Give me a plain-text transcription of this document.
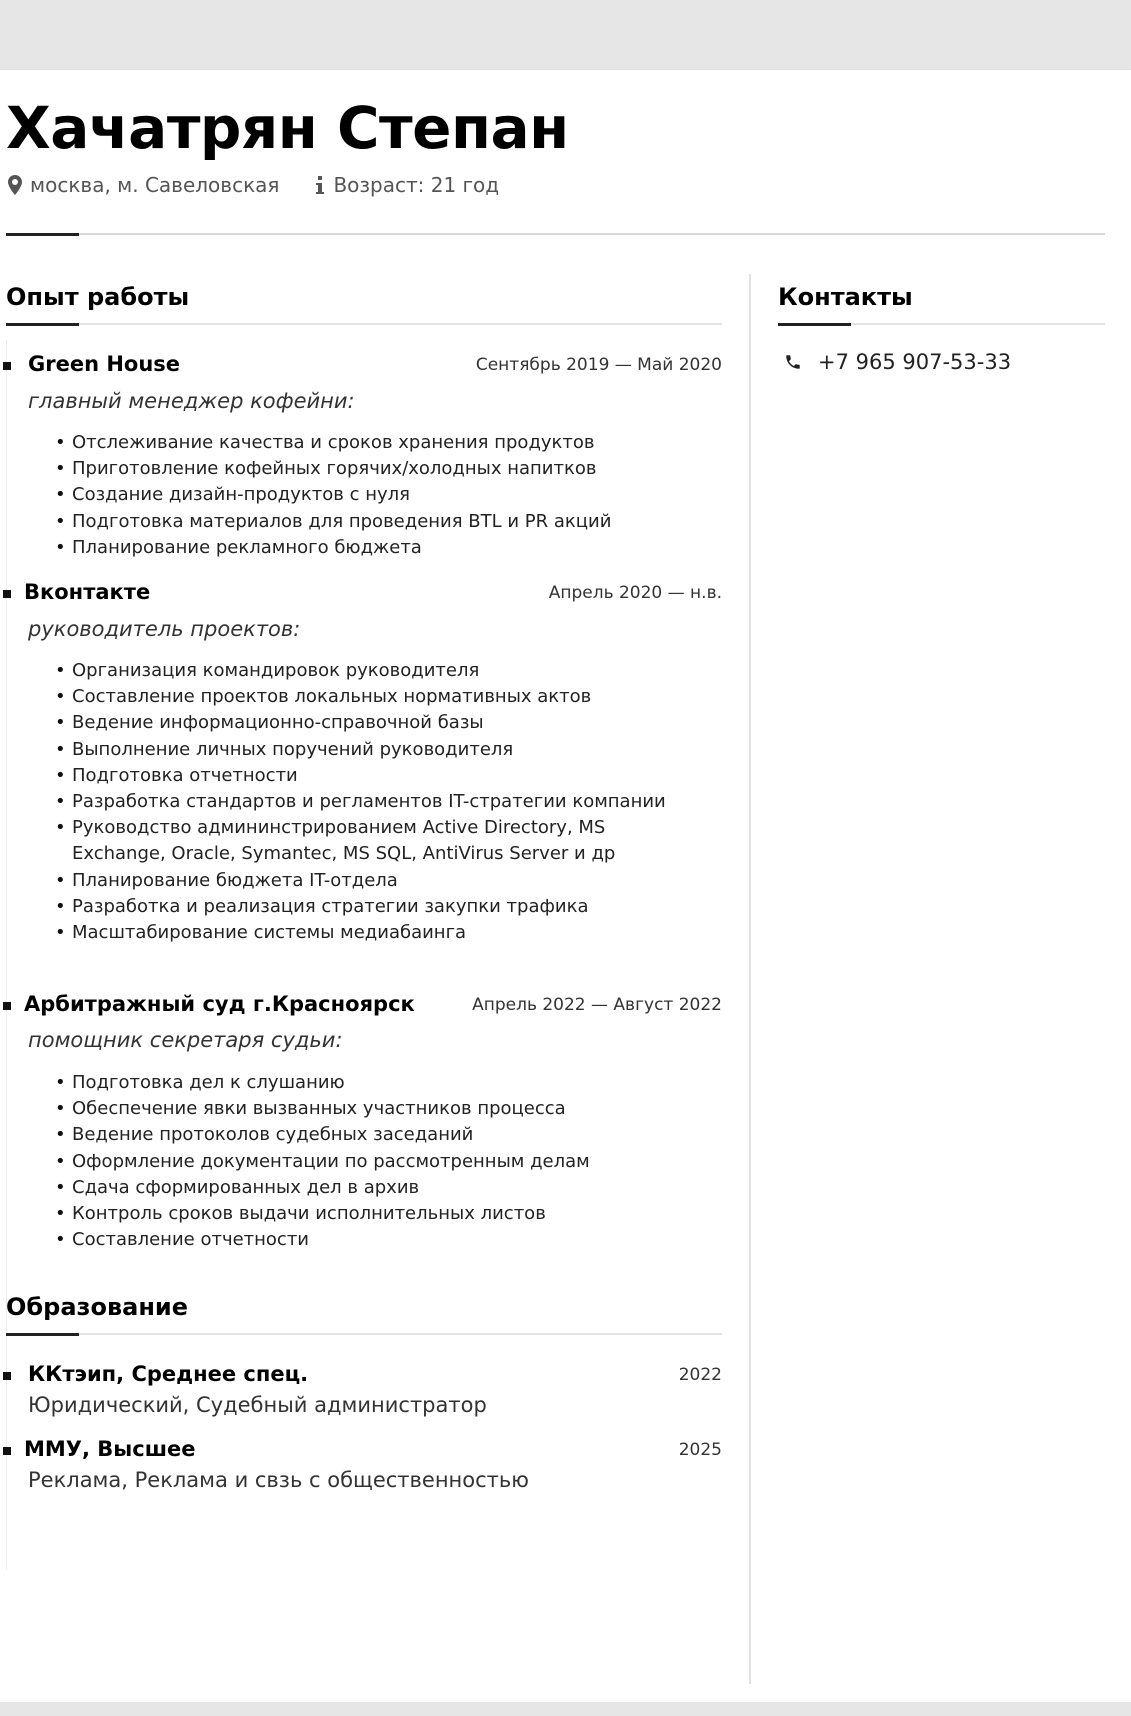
Хачатрян Степан
москва, м. Савеловская	Возраст: 21 год
Опыт работы
Green House	Сентябрь 2019 — Май 2020
главный менеджер кофейни:
• Отслеживание качества и сроков хранения продуктов
• Приготовление кофейных горячих/холодных напитков
• Создание дизайн-продуктов с нуля
• Подготовка материалов для проведения BTL и PR акций
• Планирование рекламного бюджета
Вконтакте	Апрель 2020 — н.в.
руководитель проектов:
• Организация командировок руководителя
• Составление проектов локальных нормативных актов
• Ведение информационно-справочной базы
• Выполнение личных поручений руководителя
• Подготовка отчетности
• Разработка стандартов и регламентов IT-стратегии компании
• Руководство админинстрированием Active Directory, MS Exchange, Oracle, Symantec, MS SQL, AntiVirus Server и др
• Планирование бюджета IT-отдела
• Разработка и реализация стратегии закупки трафика
• Масштабирование системы медиабаинга
Арбитражный суд г.Красноярск	Апрель 2022 — Август 2022
помощник секретаря судьи:
• Подготовка дел к слушанию
• Обеспечение явки вызванных участников процесса
• Ведение протоколов судебных заседаний
• Оформление документации по рассмотренным делам
• Сдача сформированных дел в архив
• Контроль сроков выдачи исполнительных листов
• Составление отчетности
Образование
ККтэип, Среднее спец.	2022
Юридический, Судебный администратор
МMУ, Высшее	2025
Реклама, Реклама и свзь с общественностью
Контакты
+7 965 907-53-33
